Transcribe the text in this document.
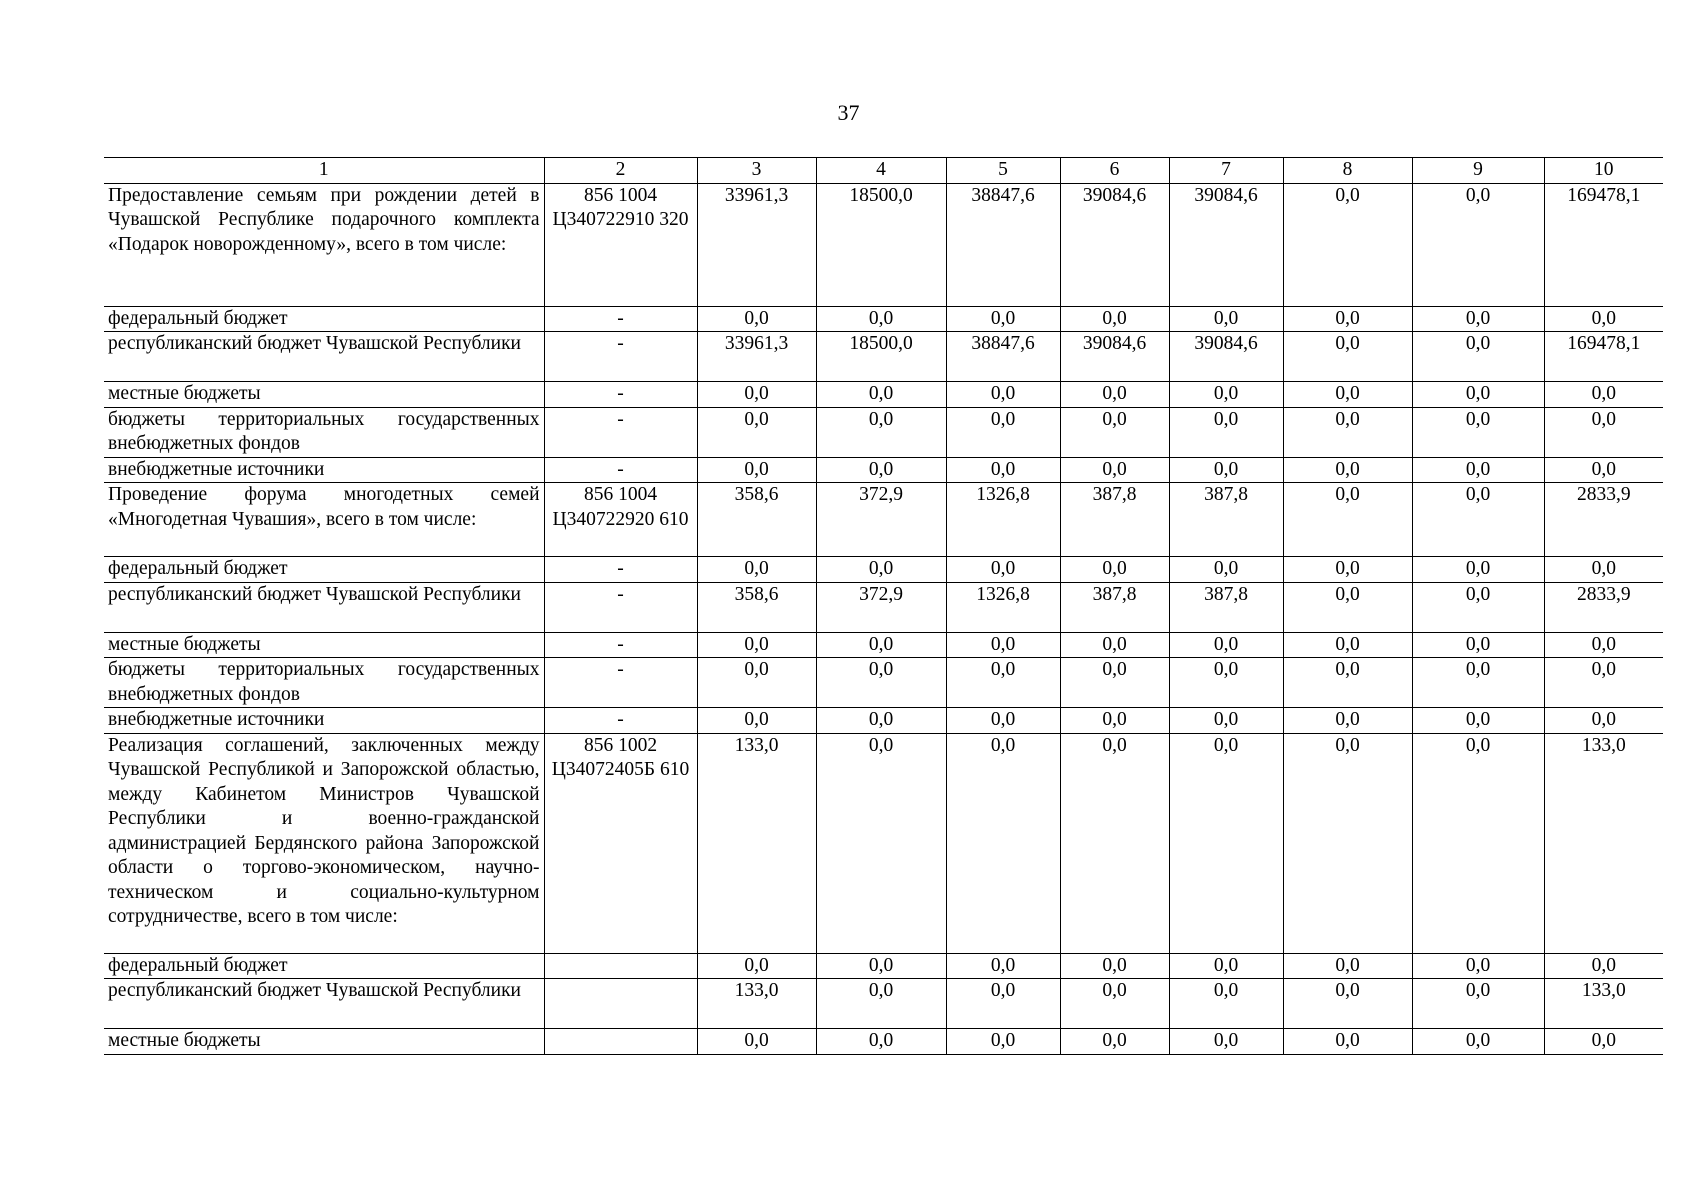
37
1	2	3	4	5	6	7	8	9	10
Предоставление семьям при рождении детей в Чувашской Республике подарочного комплекта «Подарок новорожденному», всего в том числе:	856 1004 Ц340722910 320	33961,3	18500,0	38847,6	39084,6	39084,6	0,0	0,0	169478,1
федеральный бюджет	-	0,0	0,0	0,0	0,0	0,0	0,0	0,0	0,0
республиканский бюджет Чувашской Республики	-	33961,3	18500,0	38847,6	39084,6	39084,6	0,0	0,0	169478,1
местные бюджеты	-	0,0	0,0	0,0	0,0	0,0	0,0	0,0	0,0
бюджеты территориальных государственных внебюджетных фондов	-	0,0	0,0	0,0	0,0	0,0	0,0	0,0	0,0
внебюджетные источники	-	0,0	0,0	0,0	0,0	0,0	0,0	0,0	0,0
Проведение форума многодетных семей «Многодетная Чувашия», всего в том числе:	856 1004 Ц340722920 610	358,6	372,9	1326,8	387,8	387,8	0,0	0,0	2833,9
федеральный бюджет	-	0,0	0,0	0,0	0,0	0,0	0,0	0,0	0,0
республиканский бюджет Чувашской Республики	-	358,6	372,9	1326,8	387,8	387,8	0,0	0,0	2833,9
местные бюджеты	-	0,0	0,0	0,0	0,0	0,0	0,0	0,0	0,0
бюджеты территориальных государственных внебюджетных фондов	-	0,0	0,0	0,0	0,0	0,0	0,0	0,0	0,0
внебюджетные источники	-	0,0	0,0	0,0	0,0	0,0	0,0	0,0	0,0
Реализация соглашений, заключенных между Чувашской Республикой и Запорожской областью, между Кабинетом Министров Чувашской Республики и военно-гражданской администрацией Бердянского района Запорожской области о торгово-экономическом, научно-техническом и социально-культурном сотрудничестве, всего в том числе:	856 1002 Ц34072405Б 610	133,0	0,0	0,0	0,0	0,0	0,0	0,0	133,0
федеральный бюджет		0,0	0,0	0,0	0,0	0,0	0,0	0,0	0,0
республиканский бюджет Чувашской Республики		133,0	0,0	0,0	0,0	0,0	0,0	0,0	133,0
местные бюджеты		0,0	0,0	0,0	0,0	0,0	0,0	0,0	0,0
